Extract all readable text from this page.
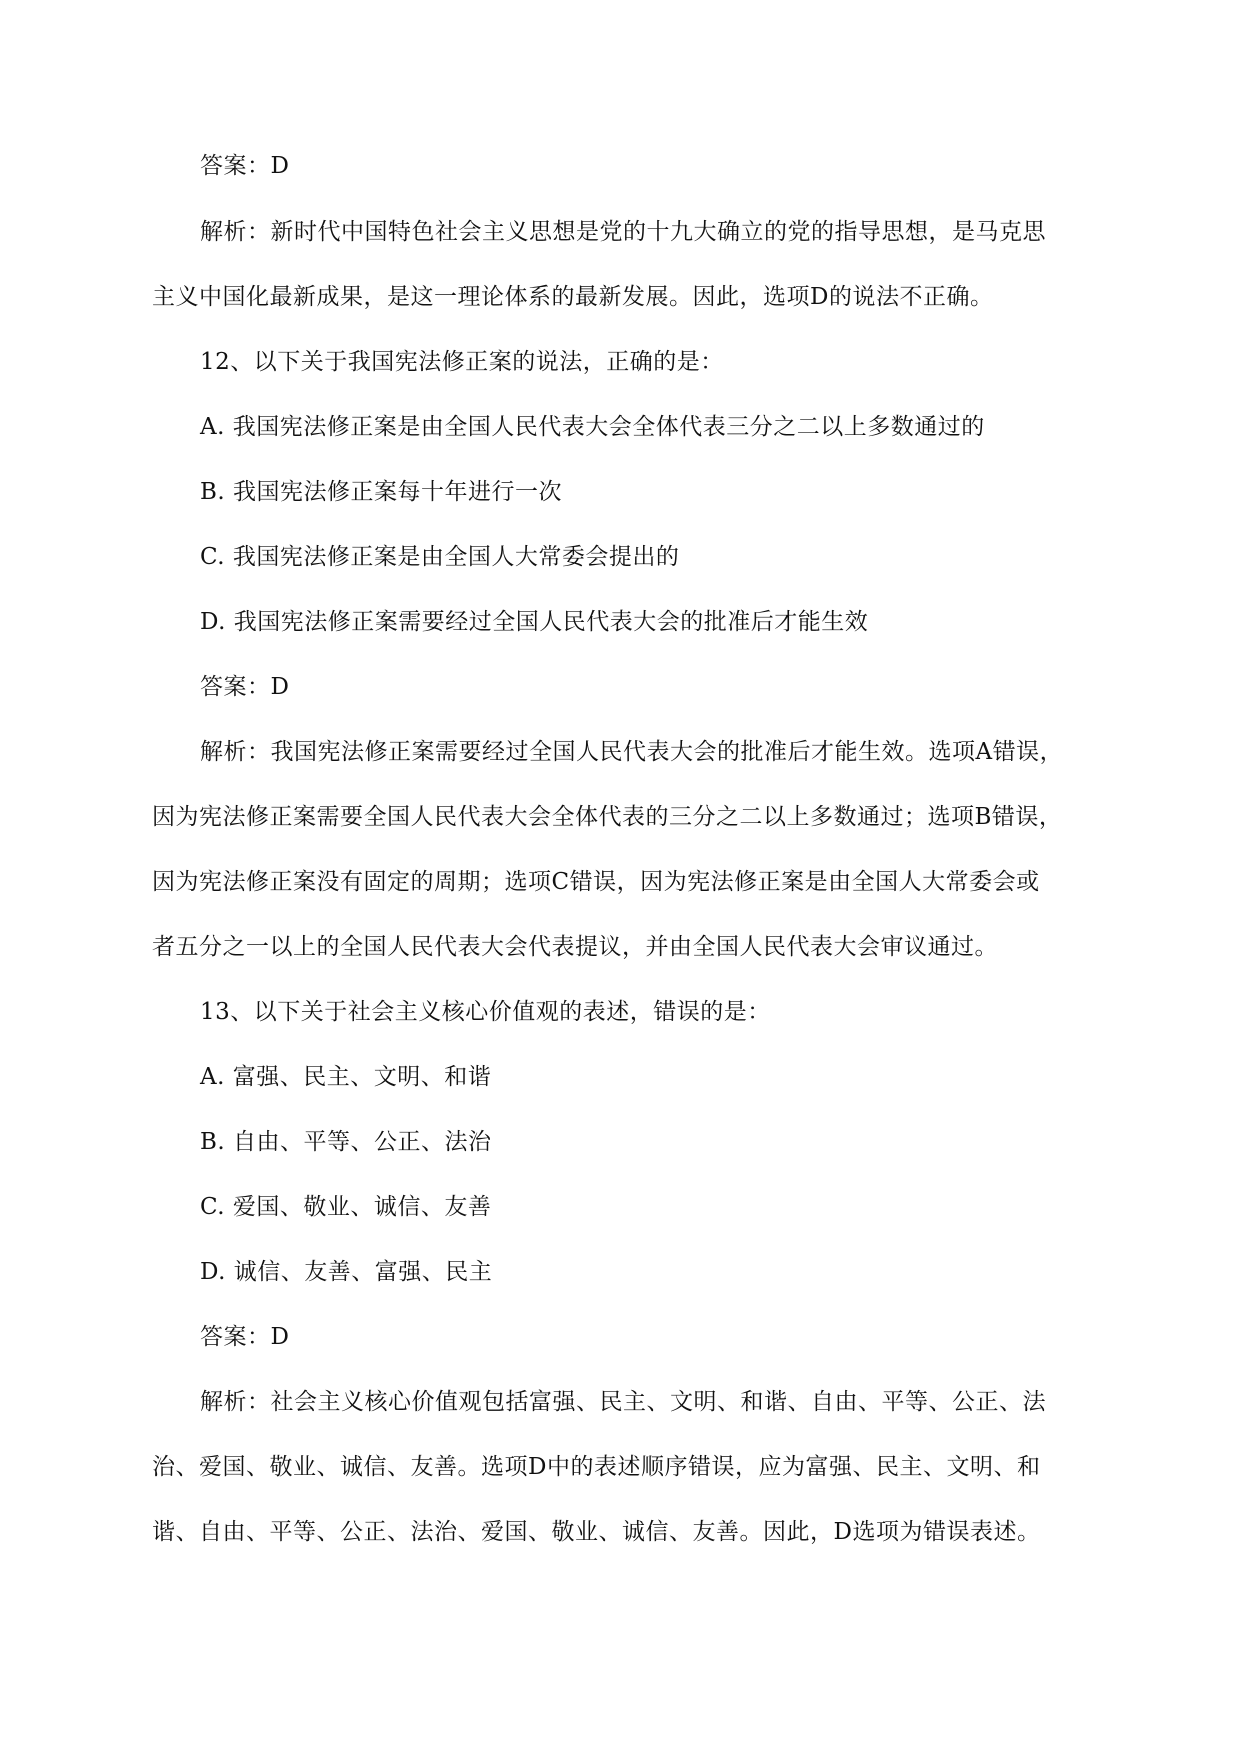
答案：D
解析：新时代中国特色社会主义思想是党的十九大确立的党的指导思想，是马克思
主义中国化最新成果，是这一理论体系的最新发展。因此，选项D的说法不正确。
12、以下关于我国宪法修正案的说法，正确的是：
A. 我国宪法修正案是由全国人民代表大会全体代表三分之二以上多数通过的
B. 我国宪法修正案每十年进行一次
C. 我国宪法修正案是由全国人大常委会提出的
D. 我国宪法修正案需要经过全国人民代表大会的批准后才能生效
答案：D
解析：我国宪法修正案需要经过全国人民代表大会的批准后才能生效。选项A错误，
因为宪法修正案需要全国人民代表大会全体代表的三分之二以上多数通过；选项B错误，
因为宪法修正案没有固定的周期；选项C错误，因为宪法修正案是由全国人大常委会或
者五分之一以上的全国人民代表大会代表提议，并由全国人民代表大会审议通过。
13、以下关于社会主义核心价值观的表述，错误的是：
A. 富强、民主、文明、和谐
B. 自由、平等、公正、法治
C. 爱国、敬业、诚信、友善
D. 诚信、友善、富强、民主
答案：D
解析：社会主义核心价值观包括富强、民主、文明、和谐、自由、平等、公正、法
治、爱国、敬业、诚信、友善。选项D中的表述顺序错误，应为富强、民主、文明、和
谐、自由、平等、公正、法治、爱国、敬业、诚信、友善。因此，D选项为错误表述。
